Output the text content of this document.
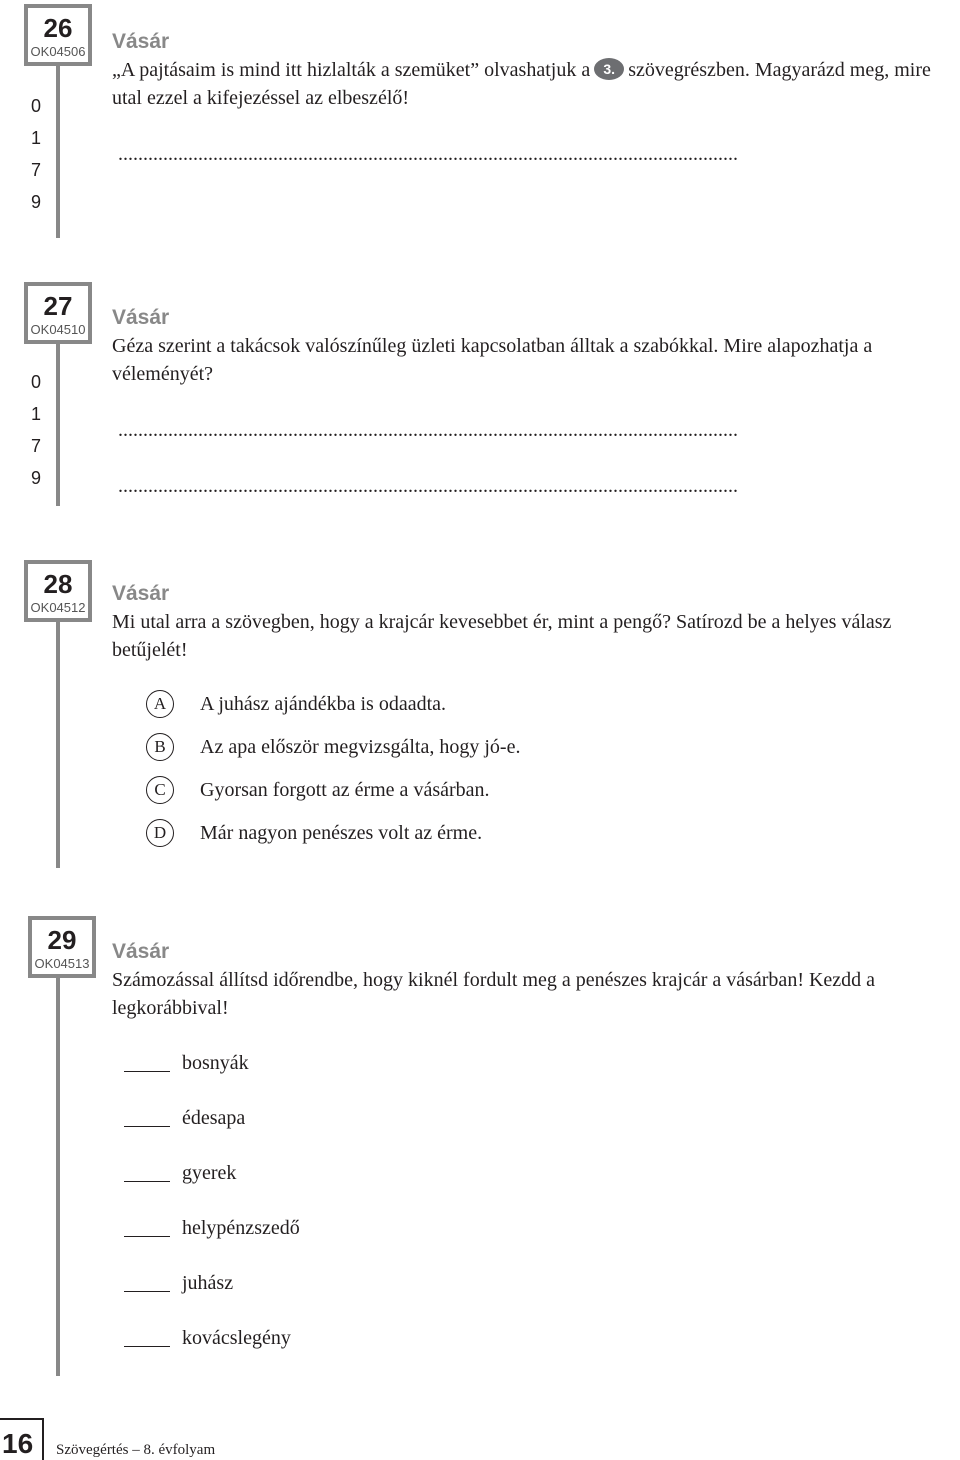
26
OK04506
0
1
7
9
Vásár
„A pajtásaim is mind itt hizlalták a szemüket” olvashatjuk a 3. szövegrészben. Magyarázd meg, mire utal ezzel a kifejezéssel az elbeszélő!
............................................................................................................................
27
OK04510
0
1
7
9
Vásár
Géza szerint a takácsok valószínűleg üzleti kapcsolatban álltak a szabókkal. Mire alapozhatja a véleményét?
............................................................................................................................
............................................................................................................................
28
OK04512
Vásár
Mi utal arra a szövegben, hogy a krajcár kevesebbet ér, mint a pengő? Satírozd be a helyes válasz betűjelét!
A	A juhász ajándékba is odaadta.
B	Az apa először megvizsgálta, hogy jó-e.
C	Gyorsan forgott az érme a vásárban.
D	Már nagyon penészes volt az érme.
29
OK04513
Vásár
Számozással állítsd időrendbe, hogy kiknél fordult meg a penészes krajcár a vásárban! Kezdd a legkorábbival!
bosnyák
édesapa
gyerek
helypénzszedő
juhász
kovácslegény
16 Szövegértés – 8. évfolyam
